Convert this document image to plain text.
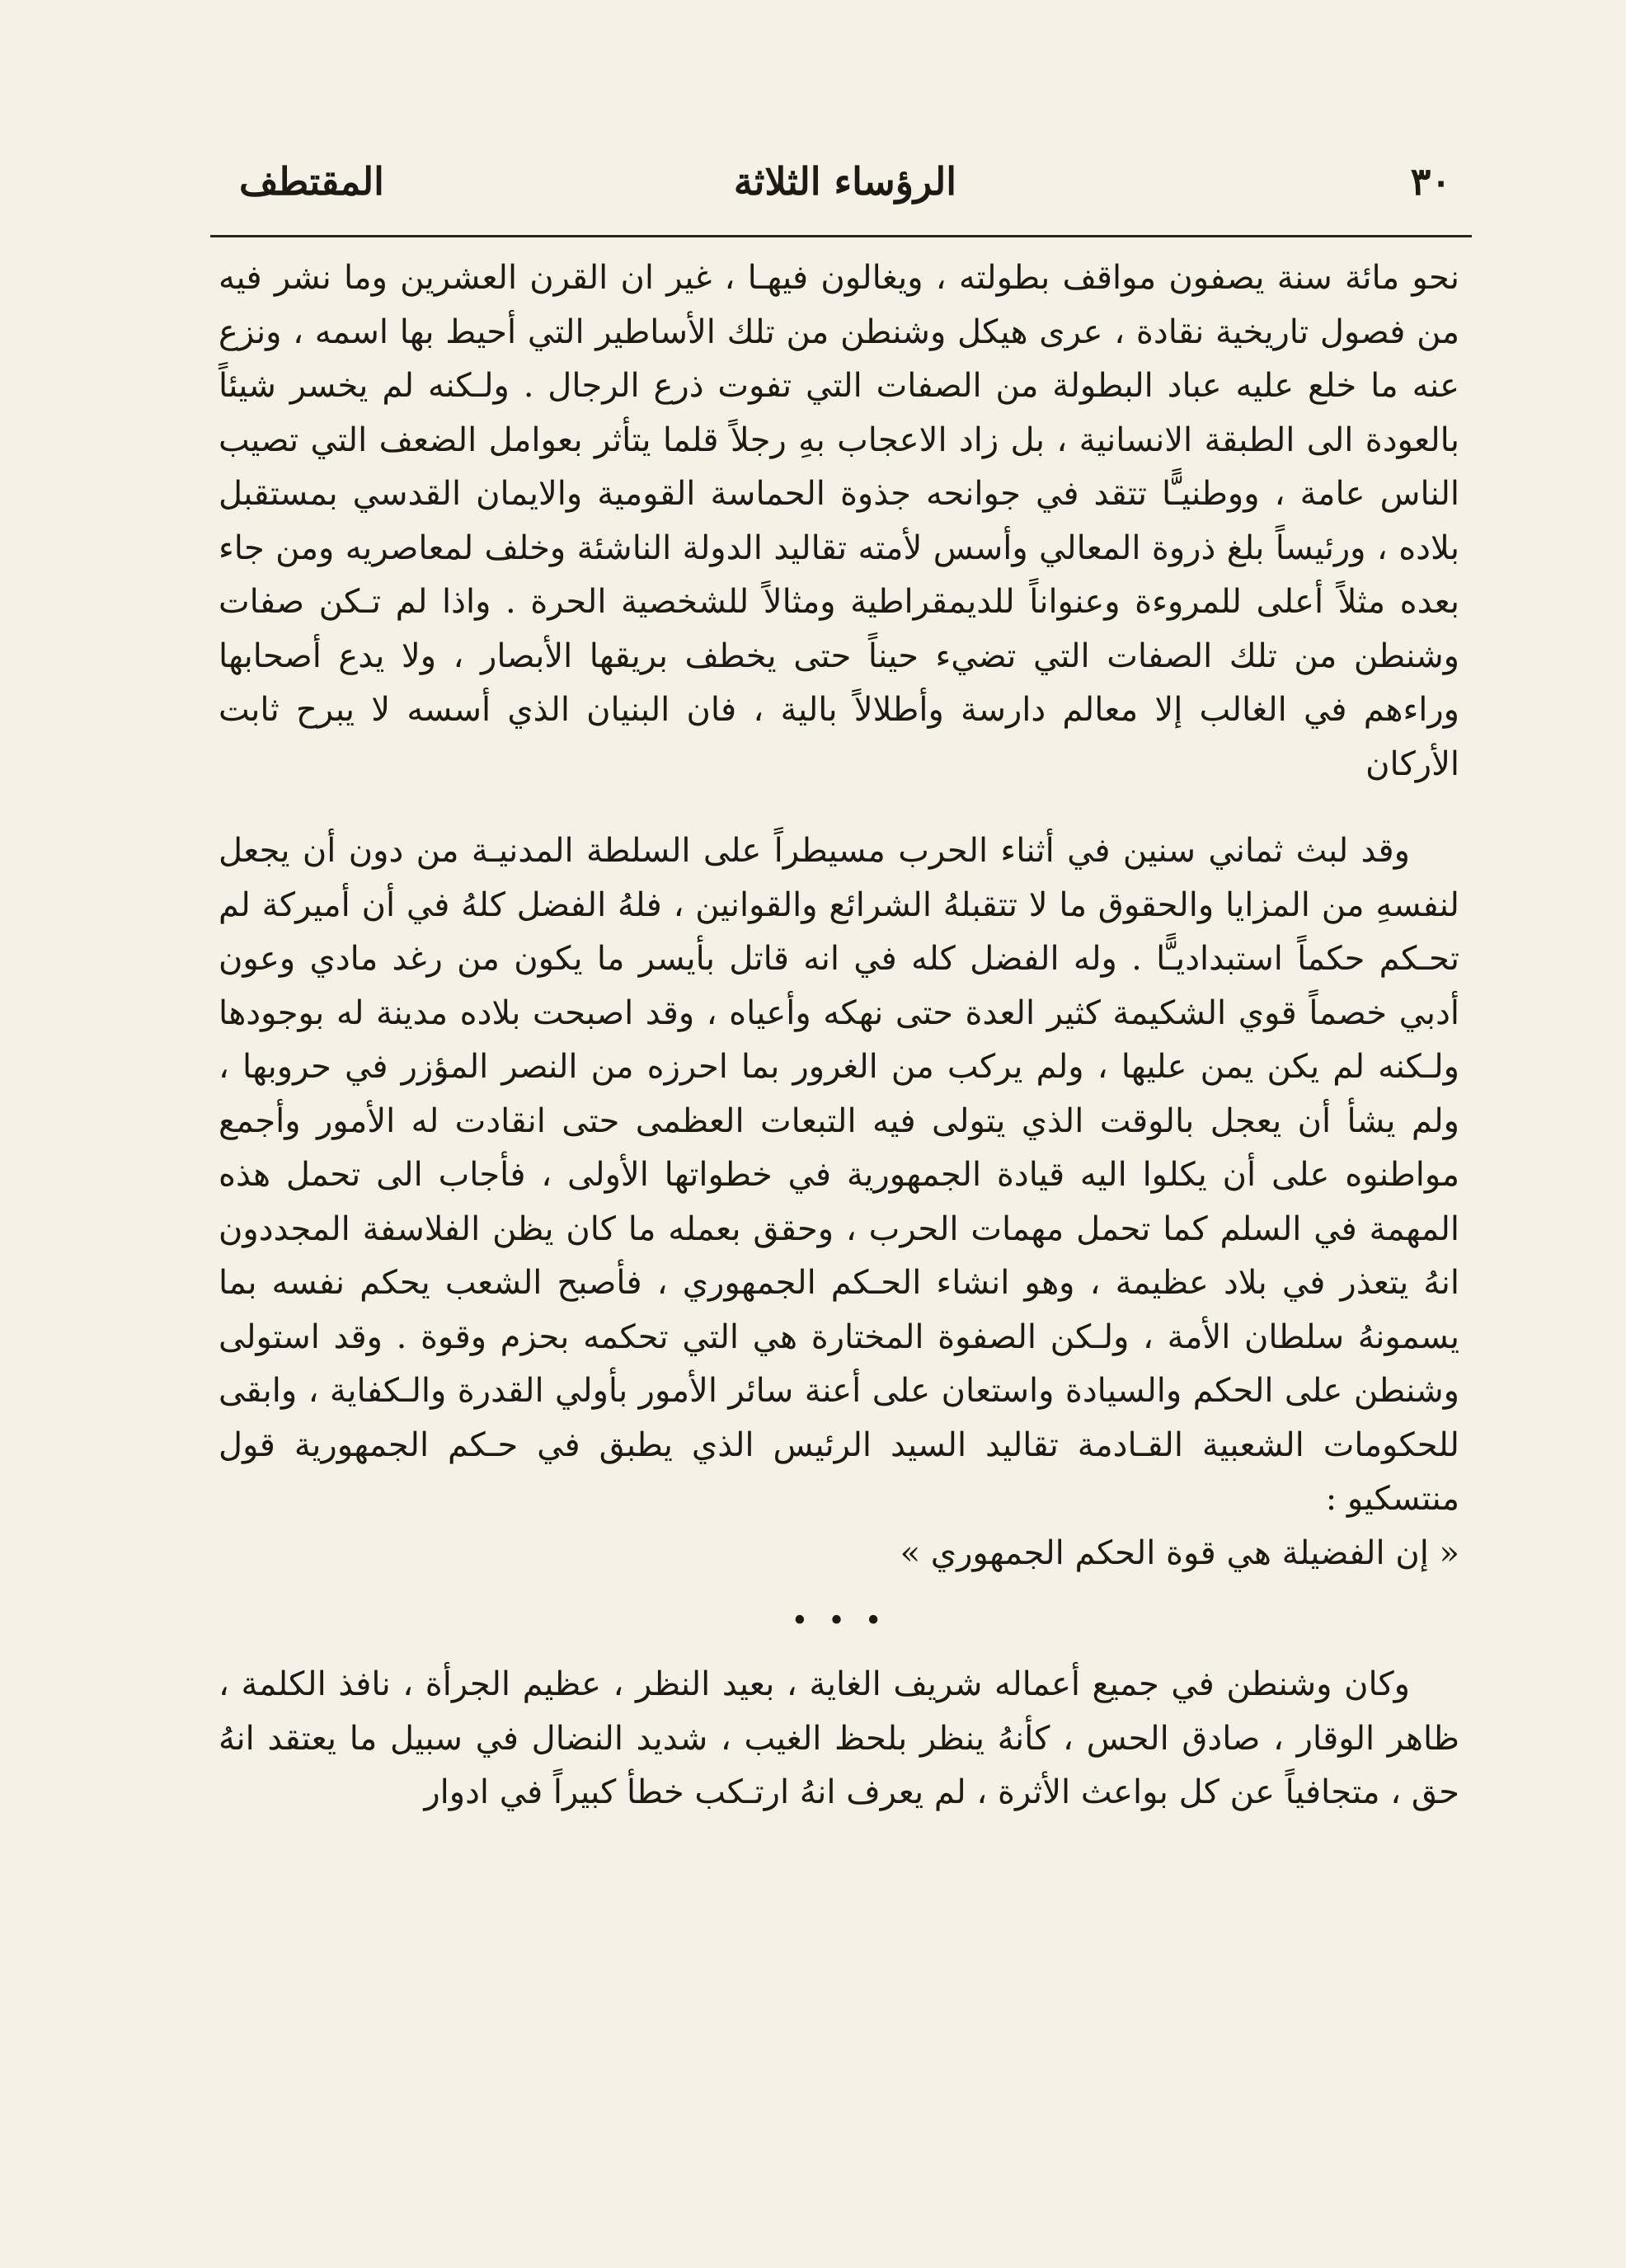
٣٠
الرؤساء الثلاثة
المقتطف

نحو مائة سنة يصفون مواقف بطولته ، ويغالون فيهـا ، غير ان القرن العشرين وما نشر فيه من فصول تاريخية نقادة ، عرى هيكل وشنطن من تلك الأساطير التي أحيط بها اسمه ، ونزع عنه ما خلع عليه عباد البطولة من الصفات التي تفوت ذرع الرجال . ولـكنه لم يخسر شيئاً بالعودة الى الطبقة الانسانية ، بل زاد الاعجاب بهِ رجلاً قلما يتأثر بعوامل الضعف التي تصيب الناس عامة ، ووطنيـًّا تتقد في جوانحه جذوة الحماسة القومية والايمان القدسي بمستقبل بلاده ، ورئيساً بلغ ذروة المعالي وأسس لأمته تقاليد الدولة الناشئة وخلف لمعاصريه ومن جاء بعده مثلاً أعلى للمروءة وعنواناً للديمقراطية ومثالاً للشخصية الحرة . واذا لم تـكن صفات وشنطن من تلك الصفات التي تضيء حيناً حتى يخطف بريقها الأبصار ، ولا يدع أصحابها وراءهم في الغالب إلا معالم دارسة وأطلالاً بالية ، فان البنيان الذي أسسه لا يبرح ثابت الأركان

وقد لبث ثماني سنين في أثناء الحرب مسيطراً على السلطة المدنيـة من دون أن يجعل لنفسهِ من المزايا والحقوق ما لا تتقبلهُ الشرائع والقوانين ، فلهُ الفضل كلهُ في أن أميركة لم تحـكم حكماً استبداديـًّا . وله الفضل كله في انه قاتل بأيسر ما يكون من رغد مادي وعون أدبي خصماً قوي الشكيمة كثير العدة حتى نهكه وأعياه ، وقد اصبحت بلاده مدينة له بوجودها ولـكنه لم يكن يمن عليها ، ولم يركب من الغرور بما احرزه من النصر المؤزر في حروبها ، ولم يشأ أن يعجل بالوقت الذي يتولى فيه التبعات العظمى حتى انقادت له الأمور وأجمع مواطنوه على أن يكلوا اليه قيادة الجمهورية في خطواتها الأولى ، فأجاب الى تحمل هذه المهمة في السلم كما تحمل مهمات الحرب ، وحقق بعمله ما كان يظن الفلاسفة المجددون انهُ يتعذر في بلاد عظيمة ، وهو انشاء الحـكم الجمهوري ، فأصبح الشعب يحكم نفسه بما يسمونهُ سلطان الأمة ، ولـكن الصفوة المختارة هي التي تحكمه بحزم وقوة . وقد استولى وشنطن على الحكم والسيادة واستعان على أعنة سائر الأمور بأولي القدرة والـكفاية ، وابقى للحكومات الشعبية القـادمة تقاليد السيد الرئيس الذي يطبق في حـكم الجمهورية قول منتسكيو :

« إن الفضيلة هي قوة الحكم الجمهوري »

• • •

وكان وشنطن في جميع أعماله شريف الغاية ، بعيد النظر ، عظيم الجرأة ، نافذ الكلمة ، ظاهر الوقار ، صادق الحس ، كأنهُ ينظر بلحظ الغيب ، شديد النضال في سبيل ما يعتقد انهُ حق ، متجافياً عن كل بواعث الأثرة ، لم يعرف انهُ ارتـكب خطأ كبيراً في ادوار
